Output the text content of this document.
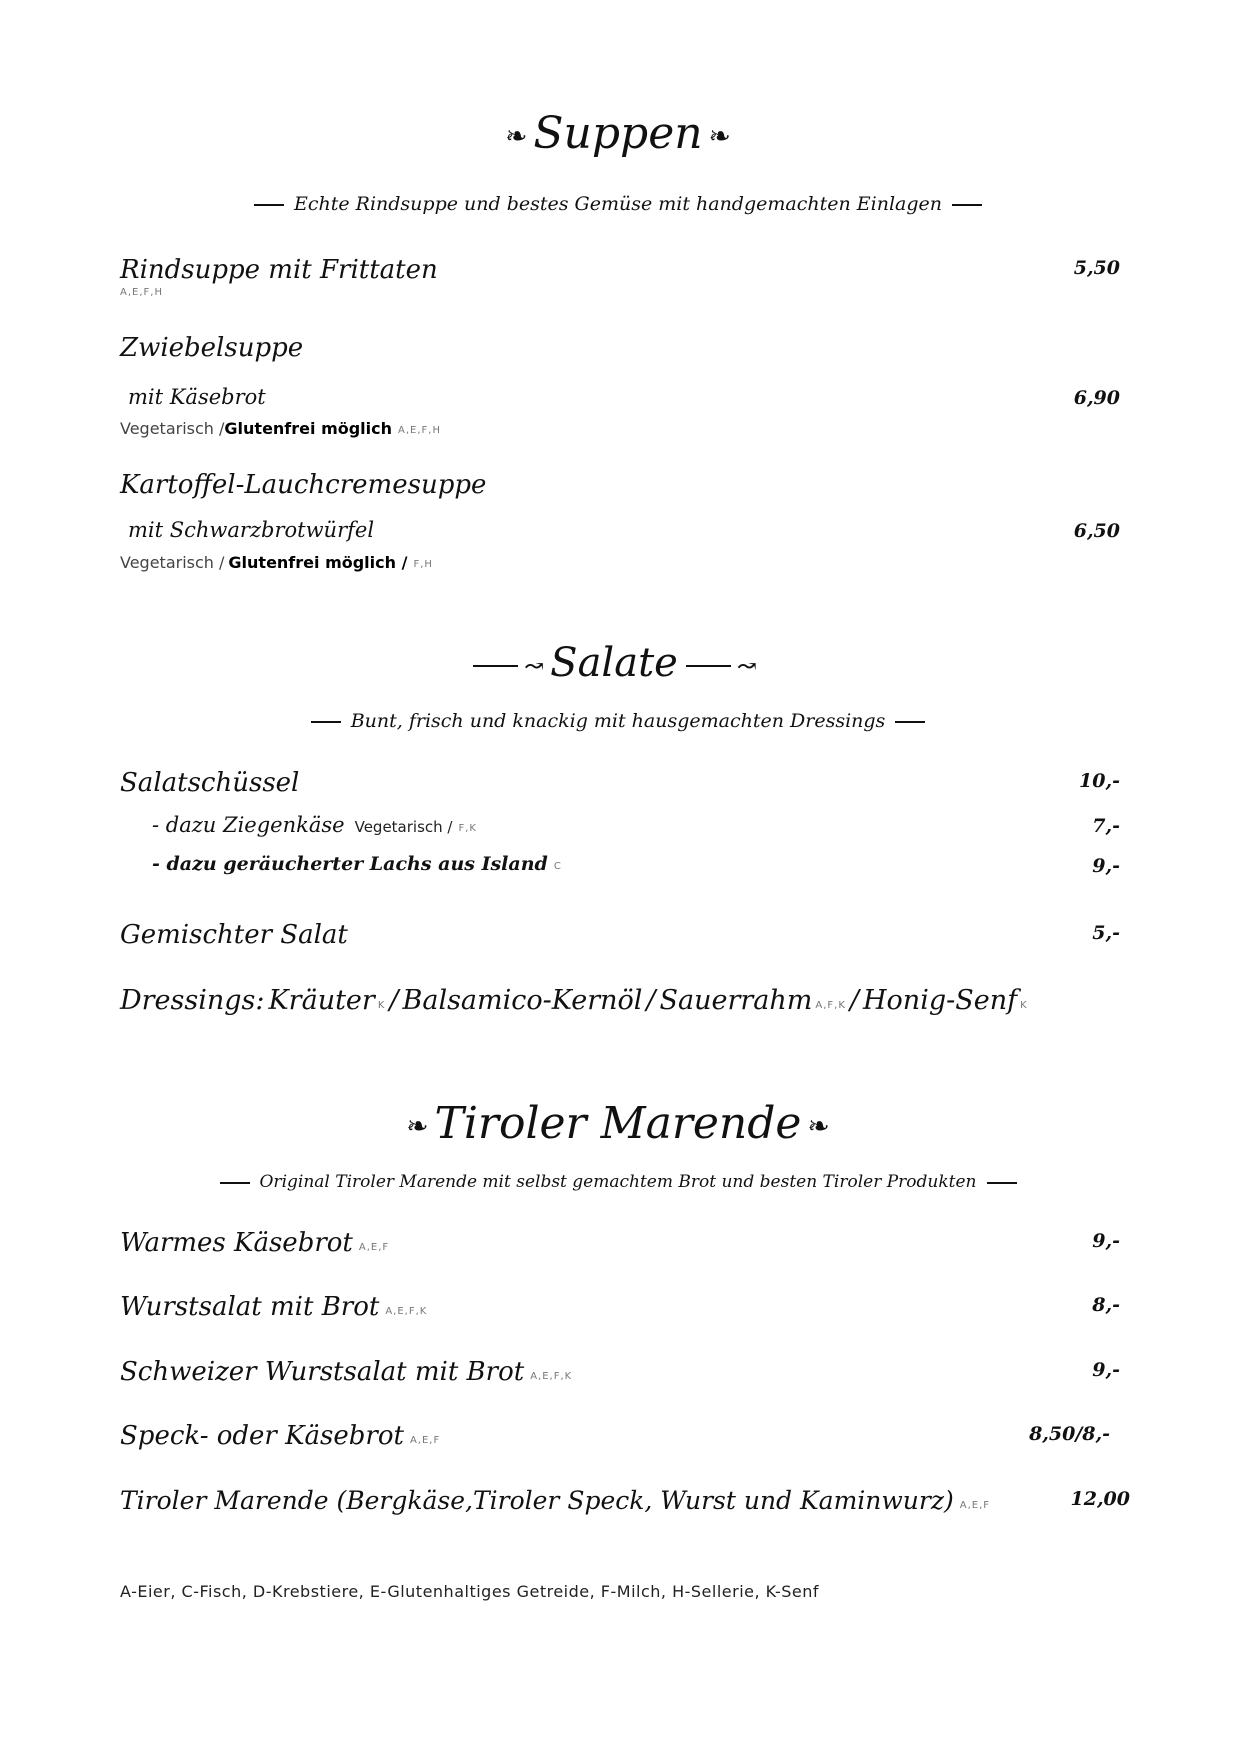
❧ Suppen ❧
Echte Rindsuppe und bestes Gemüse mit handgemachten Einlagen
Rindsuppe mit Frittaten	5,50
A,E,F,H
Zwiebelsuppe
mit Käsebrot	6,90
Vegetarisch /Glutenfrei möglich A,E,F,H
Kartoffel-Lauchcremesuppe
mit Schwarzbrotwürfel	6,50
Vegetarisch / Glutenfrei möglich / F,H
↝ Salate ↝
Bunt, frisch und knackig mit hausgemachten Dressings
Salatschüssel	10,-
- dazu Ziegenkäse Vegetarisch / F,K	7,-
- dazu geräucherter Lachs aus Island C	9,-
Gemischter Salat	5,-
Dressings: Kräuter K / Balsamico-Kernöl / Sauerrahm A,F,K / Honig-Senf K
❧ Tiroler Marende ❧
Original Tiroler Marende mit selbst gemachtem Brot und besten Tiroler Produkten
Warmes Käsebrot A,E,F	9,-
Wurstsalat mit Brot A,E,F,K	8,-
Schweizer Wurstsalat mit Brot A,E,F,K	9,-
Speck- oder Käsebrot A,E,F	8,50/8,-
Tiroler Marende (Bergkäse,Tiroler Speck, Wurst und Kaminwurz) A,E,F	12,00
A-Eier, C-Fisch, D-Krebstiere, E-Glutenhaltiges Getreide, F-Milch, H-Sellerie, K-Senf
